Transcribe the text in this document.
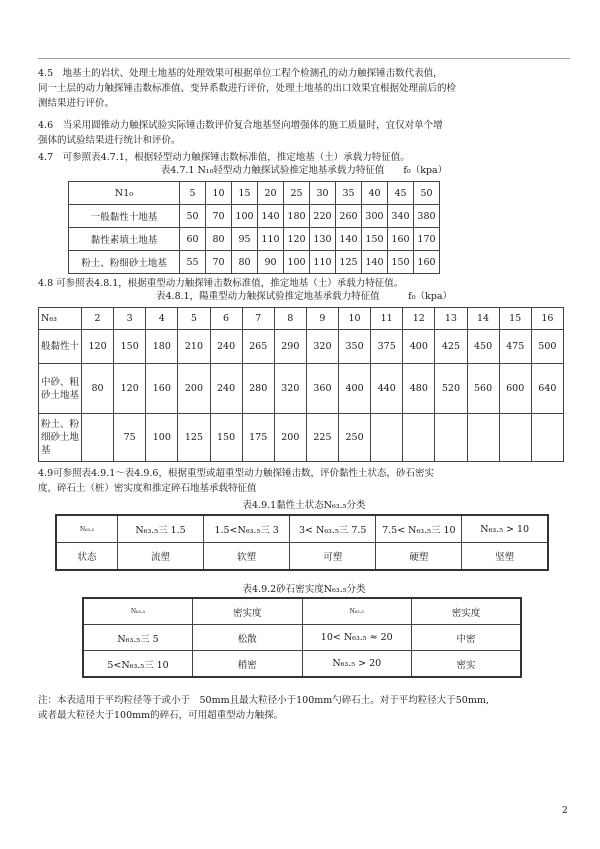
4.5　地基土的岩状、处理土地基的处理效果可根据单位工程个检测孔的动力触探锤击数代表值，
同一土层的动力触探锤击数标准值、变异系数进行评价，处理土地基的出口效果宜根据处理前后的检
测结果进行评价。
4.6　当采用圆锥动力触探试验实际锤击数评价复合地基竖向增强体的施工质量时，宜仅对单个增
强体的试验结果进行统计和评价。
4.7　可参照表4.7.1，根据轻型动力触探锤击数标准值，推定地基（土）承载力特征值。
表4.7.1 N₁₀轻型动力触探试验推定地基承载力特征值　　f₀（kpa）
N1₀	5	10	15	20	25	30	35	40	45	50
一般黏性十地基	50	70	100	140	180	220	260	300	340	380
黏性素填土地基	60	80	95	110	120	130	140	150	160	170
粉土、粉细砂土地基	55	70	80	90	100	110	125	140	150	160
4.8 可参照表4.8.1，根据重型动力触探锤击数标准值，推定地基（土）承载力特征值。
表4.8.1，陽重型动力触探试验推定地基承载力特征值　　　f₀（kpa）
N₆₃	2	3	4	5	6	7	8	9	10	11	12	13	14	15	16
般黏性十	120	150	180	210	240	265	290	320	350	375	400	425	450	475	500
中砂、粗砂土地基	80	120	160	200	240	280	320	360	400	440	480	520	560	600	640
粉土、粉细砂土地基		75	100	125	150	175	200	225	250						
4.9可参照表4.9.1～表4.9.6，根据重型或超重型动力触探锤击数，评价黏性土状态，砂石密实
度，碎石土（桩）密实度和推定碎石地基承载特征值
表4.9.1黏性土状态N₆₃.₅分类
N₆₃.₅	N₆₃.₅三 1.5	1.5<N₆₃.₅三 3	3< N₆₃.₅三 7.5	7.5< N₆₃.₅三 10	N₆₃.₅ > 10
状态	流塑	软塑	可塑	硬塑	坚塑
表4.9.2砂石密实度N₆₃.₅分类
N₆₃.₅	密实度	N₆₃.₅	密实度
N₆₃.₅三 5	松散	10< N₆₃.₅ ≈ 20	中密
5<N₆₃.₅三 10	稍密	N₆₃.₅ > 20	密实
注：本表适用于平均粒径等于或小于　50mm且最大粒径小于100mm勺碎石土。对于平均粒径大于50mm,
或者最大粒径大于100mm的碎石，可用超重型动力触探。
2
